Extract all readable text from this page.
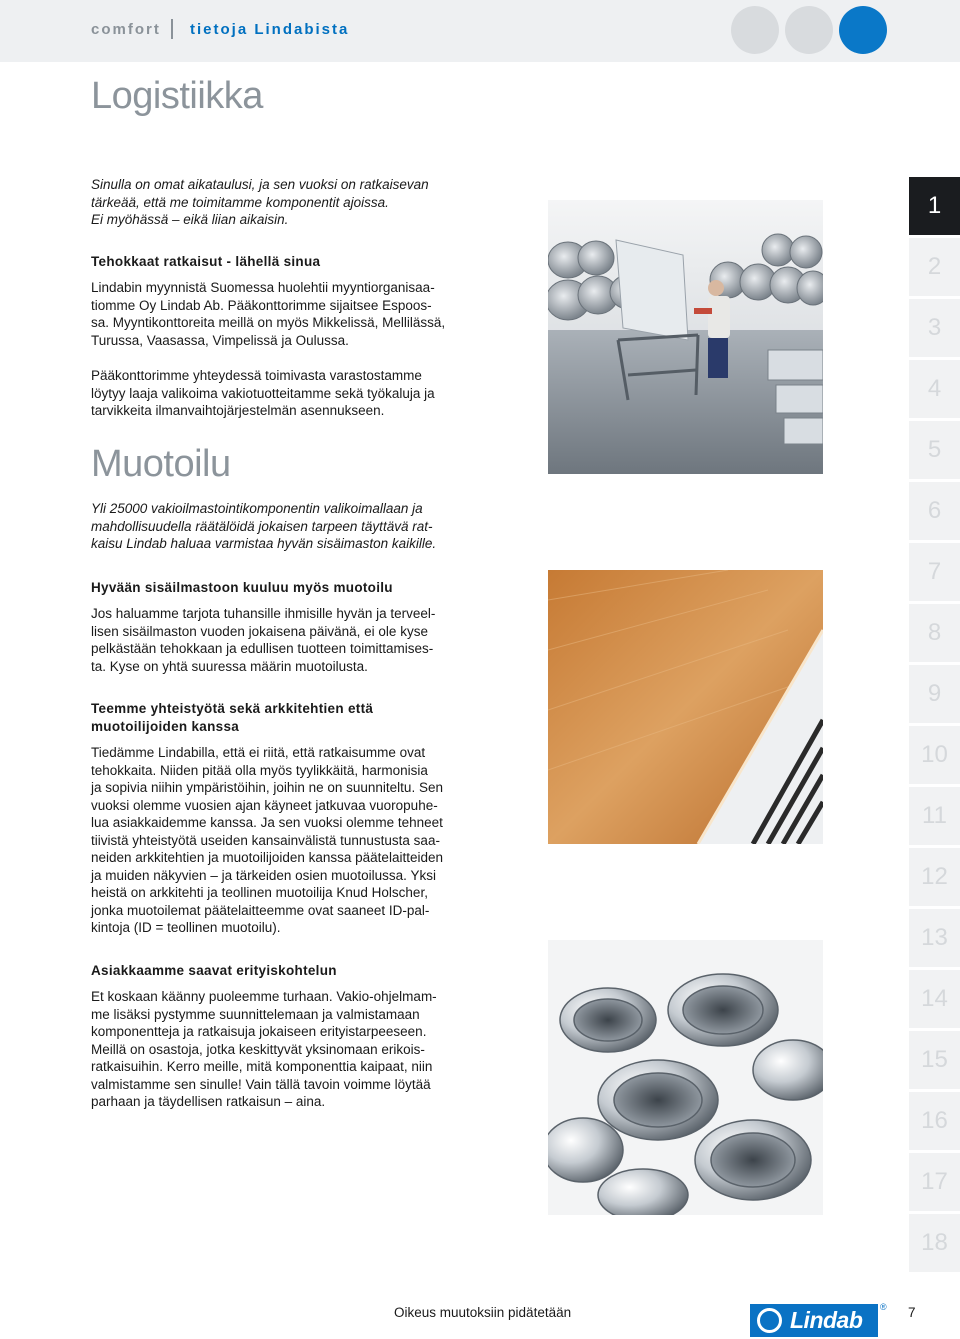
comfort tietoja Lindabista
Logistiikka
Sinulla on omat aikataulusi, ja sen vuoksi on ratkaisevan
tärkeää, että me toimitamme komponentit ajoissa.
Ei myöhässä – eikä liian aikaisin.
Tehokkaat ratkaisut - lähellä sinua
Lindabin myynnistä Suomessa huolehtii myyntiorganisaa-
tiomme Oy Lindab Ab. Pääkonttorimme sijaitsee Espoos-
sa. Myyntikonttoreita meillä on myös Mikkelissä, Mellilässä,
Turussa, Vaasassa, Vimpelissä ja Oulussa.
Pääkonttorimme yhteydessä toimivasta varastostamme
löytyy laaja valikoima vakiotuotteitamme sekä työkaluja ja
tarvikkeita ilmanvaihtojärjestelmän asennukseen.
Muotoilu
Yli 25000 vakioilmastointikomponentin valikoimallaan ja
mahdollisuudella räätälöidä jokaisen tarpeen täyttävä rat-
kaisu Lindab haluaa varmistaa hyvän sisäimaston kaikille.
Hyvään sisäilmastoon kuuluu myös muotoilu
Jos haluamme tarjota tuhansille ihmisille hyvän ja terveel-
lisen sisäilmaston vuoden jokaisena päivänä, ei ole kyse
pelkästään tehokkaan ja edullisen tuotteen toimittamises-
ta. Kyse on yhtä suuressa määrin muotoilusta.
Teemme yhteistyötä sekä arkkitehtien että
muotoilijoiden kanssa
Tiedämme Lindabilla, että ei riitä, että ratkaisumme ovat
tehokkaita. Niiden pitää olla myös tyylikkäitä, harmonisia
ja sopivia niihin ympäristöihin, joihin ne on suunniteltu. Sen
vuoksi olemme vuosien ajan käyneet jatkuvaa vuoropuhe-
lua asiakkaidemme kanssa. Ja sen vuoksi olemme tehneet
tiivistä yhteistyötä useiden kansainvälistä tunnustusta saa-
neiden arkkitehtien ja muotoilijoiden kanssa päätelaitteiden
ja muiden näkyvien – ja tärkeiden osien muotoilussa. Yksi
heistä on arkkitehti ja teollinen muotoilija Knud Holscher,
jonka muotoilemat päätelaitteemme ovat saaneet ID-pal-
kintoja (ID = teollinen muotoilu).
Asiakkaamme saavat erityiskohtelun
Et koskaan käänny puoleemme turhaan. Vakio-ohjelmam-
me lisäksi pystymme suunnittelemaan ja valmistamaan
komponentteja ja ratkaisuja jokaiseen erityistarpeeseen.
Meillä on osastoja, jotka keskittyvät yksinomaan erikois-
ratkaisuihin. Kerro meille, mitä komponenttia kaipaat, niin
valmistamme sen sinulle! Vain tällä tavoin voimme löytää
parhaan ja täydellisen ratkaisun – aina.
1
2
3
4
5
6
7
8
9
10
11
12
13
14
15
16
17
18
Oikeus muutoksiin pidätetään	Lindab ® 7
